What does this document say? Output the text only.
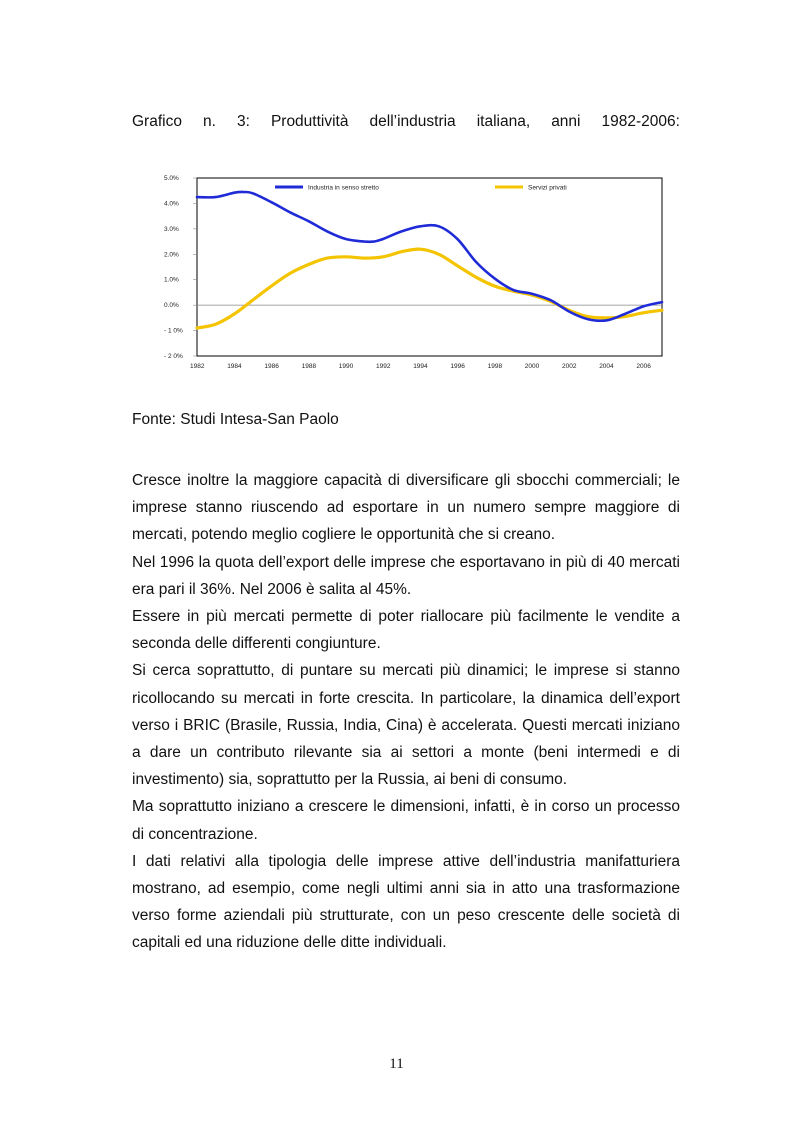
Grafico n. 3: Produttività dell’industria italiana, anni 1982-2006:
5.0%
4.0%
3.0%
2.0%
1.0%
0.0%
- 1 0%
- 2 0%
1982	1984	1986	1988	1990	1992	1994	1996	1998	2000	2002	2004	2006
Industria in senso stretto	Servizi privati
Fonte: Studi Intesa-San Paolo

Cresce inoltre la maggiore capacità di diversificare gli sbocchi commerciali; le imprese stanno riuscendo ad esportare in un numero sempre maggiore di mercati, potendo meglio cogliere le opportunità che si creano.

Nel 1996 la quota dell’export delle imprese che esportavano in più di 40 mercati era pari il 36%. Nel 2006 è salita al 45%.

Essere in più mercati permette di poter riallocare più facilmente le vendite a seconda delle differenti congiunture.

Si cerca soprattutto, di puntare su mercati più dinamici; le imprese si stanno ricollocando su mercati in forte crescita. In particolare, la dinamica dell’export verso i BRIC (Brasile, Russia, India, Cina) è accelerata. Questi mercati iniziano a dare un contributo rilevante sia ai settori a monte (beni intermedi e di investimento) sia, soprattutto per la Russia, ai beni di consumo.

Ma soprattutto iniziano a crescere le dimensioni, infatti, è in corso un processo di concentrazione.

I dati relativi alla tipologia delle imprese attive dell’industria manifatturiera mostrano, ad esempio, come negli ultimi anni sia in atto una trasformazione verso forme aziendali più strutturate, con un peso crescente delle società di capitali ed una riduzione delle ditte individuali.

11
